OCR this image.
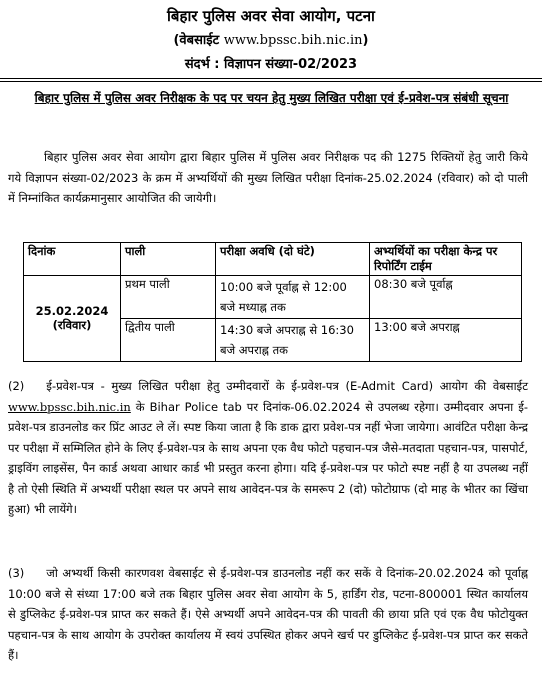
बिहार पुलिस अवर सेवा आयोग, पटना
(वेबसाईट www.bpssc.bih.nic.in)
संदर्भ : विज्ञापन संख्या-02/2023
बिहार पुलिस में पुलिस अवर निरीक्षक के पद पर चयन हेतु मुख्य लिखित परीक्षा एवं ई-प्रवेश-पत्र संबंधी सूचना
बिहार पुलिस अवर सेवा आयोग द्वारा बिहार पुलिस में पुलिस अवर निरीक्षक पद की 1275 रिक्तियों हेतु जारी किये गये विज्ञापन संख्या-02/2023 के क्रम में अभ्यर्थियों की मुख्य लिखित परीक्षा दिनांक-25.02.2024 (रविवार) को दो पाली में निम्नांकित कार्यक्रमानुसार आयोजित की जायेगी।
दिनांक	पाली	परीक्षा अवधि (दो घंटे)	अभ्यर्थियों का परीक्षा केन्द्र पर रिपोर्टिंग टाईम

25.02.2024
(रविवार)	प्रथम पाली	10:00 बजे पूर्वाह्न से 12:00 बजे मध्याह्न तक	08:30 बजे पूर्वाह्न
	द्वितीय पाली	14:30 बजे अपराह्न से 16:30 बजे अपराह्न तक	13:00 बजे अपराह्न
(2) ई-प्रवेश-पत्र - मुख्य लिखित परीक्षा हेतु उम्मीदवारों के ई-प्रवेश-पत्र (E-Admit Card) आयोग की वेबसाईट www.bpssc.bih.nic.in के Bihar Police tab पर दिनांक-06.02.2024 से उपलब्ध रहेगा। उम्मीदवार अपना ई-प्रवेश-पत्र डाउनलोड कर प्रिंट आउट ले लें। स्पष्ट किया जाता है कि डाक द्वारा प्रवेश-पत्र नहीं भेजा जायेगा। आवंटित परीक्षा केन्द्र पर परीक्षा में सम्मिलित होने के लिए ई-प्रवेश-पत्र के साथ अपना एक वैध फोटो पहचान-पत्र जैसे-मतदाता पहचान-पत्र, पासपोर्ट, ड्राइविंग लाइसेंस, पैन कार्ड अथवा आधार कार्ड भी प्रस्तुत करना होगा। यदि ई-प्रवेश-पत्र पर फोटो स्पष्ट नहीं है या उपलब्ध नहीं है तो ऐसी स्थिति में अभ्यर्थी परीक्षा स्थल पर अपने साथ आवेदन-पत्र के समरूप 2 (दो) फोटोग्राफ (दो माह के भीतर का खिंचा हुआ) भी लायेंगे।
(3) जो अभ्यर्थी किसी कारणवश वेबसाईट से ई-प्रवेश-पत्र डाउनलोड नहीं कर सकें वे दिनांक-20.02.2024 को पूर्वाह्न 10:00 बजे से संध्या 17:00 बजे तक बिहार पुलिस अवर सेवा आयोग के 5, हार्डिंग रोड, पटना-800001 स्थित कार्यालय से डुप्लिकेट ई-प्रवेश-पत्र प्राप्त कर सकते हैं। ऐसे अभ्यर्थी अपने आवेदन-पत्र की पावती की छाया प्रति एवं एक वैध फोटोयुक्त पहचान-पत्र के साथ आयोग के उपरोक्त कार्यालय में स्वयं उपस्थित होकर अपने खर्च पर डुप्लिकेट ई-प्रवेश-पत्र प्राप्त कर सकते हैं।
